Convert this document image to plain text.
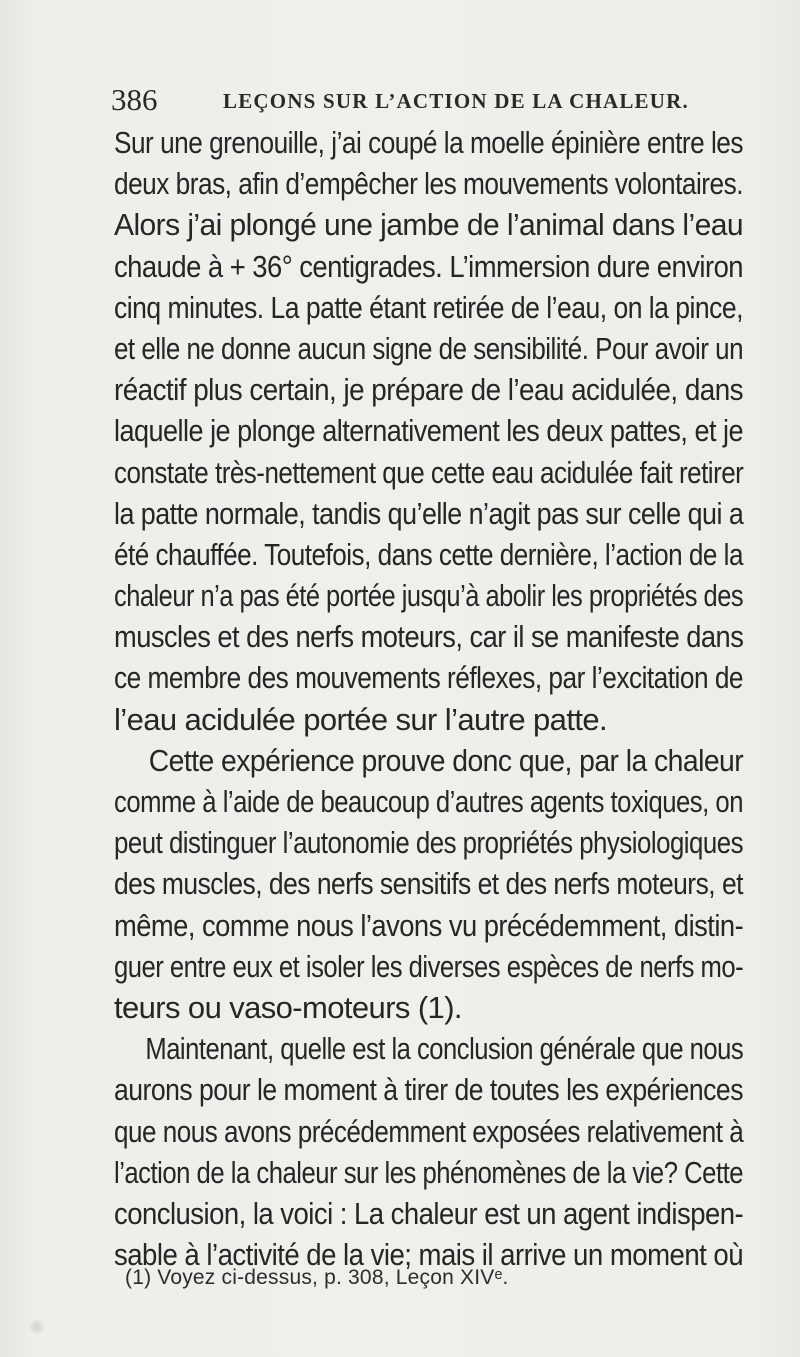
386	LEÇONS SUR L’ACTION DE LA CHALEUR.
Sur une grenouille, j’ai coupé la moelle épinière entre les
deux bras, afin d’empêcher les mouvements volontaires.
Alors j’ai plongé une jambe de l’animal dans l’eau
chaude à + 36° centigrades. L’immersion dure environ
cinq minutes. La patte étant retirée de l’eau, on la pince,
et elle ne donne aucun signe de sensibilité. Pour avoir un
réactif plus certain, je prépare de l’eau acidulée, dans
laquelle je plonge alternativement les deux pattes, et je
constate très-nettement que cette eau acidulée fait retirer
la patte normale, tandis qu’elle n’agit pas sur celle qui a
été chauffée. Toutefois, dans cette dernière, l’action de la
chaleur n’a pas été portée jusqu’à abolir les propriétés des
muscles et des nerfs moteurs, car il se manifeste dans
ce membre des mouvements réflexes, par l’excitation de
l’eau acidulée portée sur l’autre patte.
Cette expérience prouve donc que, par la chaleur
comme à l’aide de beaucoup d’autres agents toxiques, on
peut distinguer l’autonomie des propriétés physiologiques
des muscles, des nerfs sensitifs et des nerfs moteurs, et
même, comme nous l’avons vu précédemment, distin-
guer entre eux et isoler les diverses espèces de nerfs mo-
teurs ou vaso-moteurs (1).
Maintenant, quelle est la conclusion générale que nous
aurons pour le moment à tirer de toutes les expériences
que nous avons précédemment exposées relativement à
l’action de la chaleur sur les phénomènes de la vie? Cette
conclusion, la voici : La chaleur est un agent indispen-
sable à l’activité de la vie; mais il arrive un moment où
(1) Voyez ci-dessus, p. 308, Leçon XIVᵉ.
